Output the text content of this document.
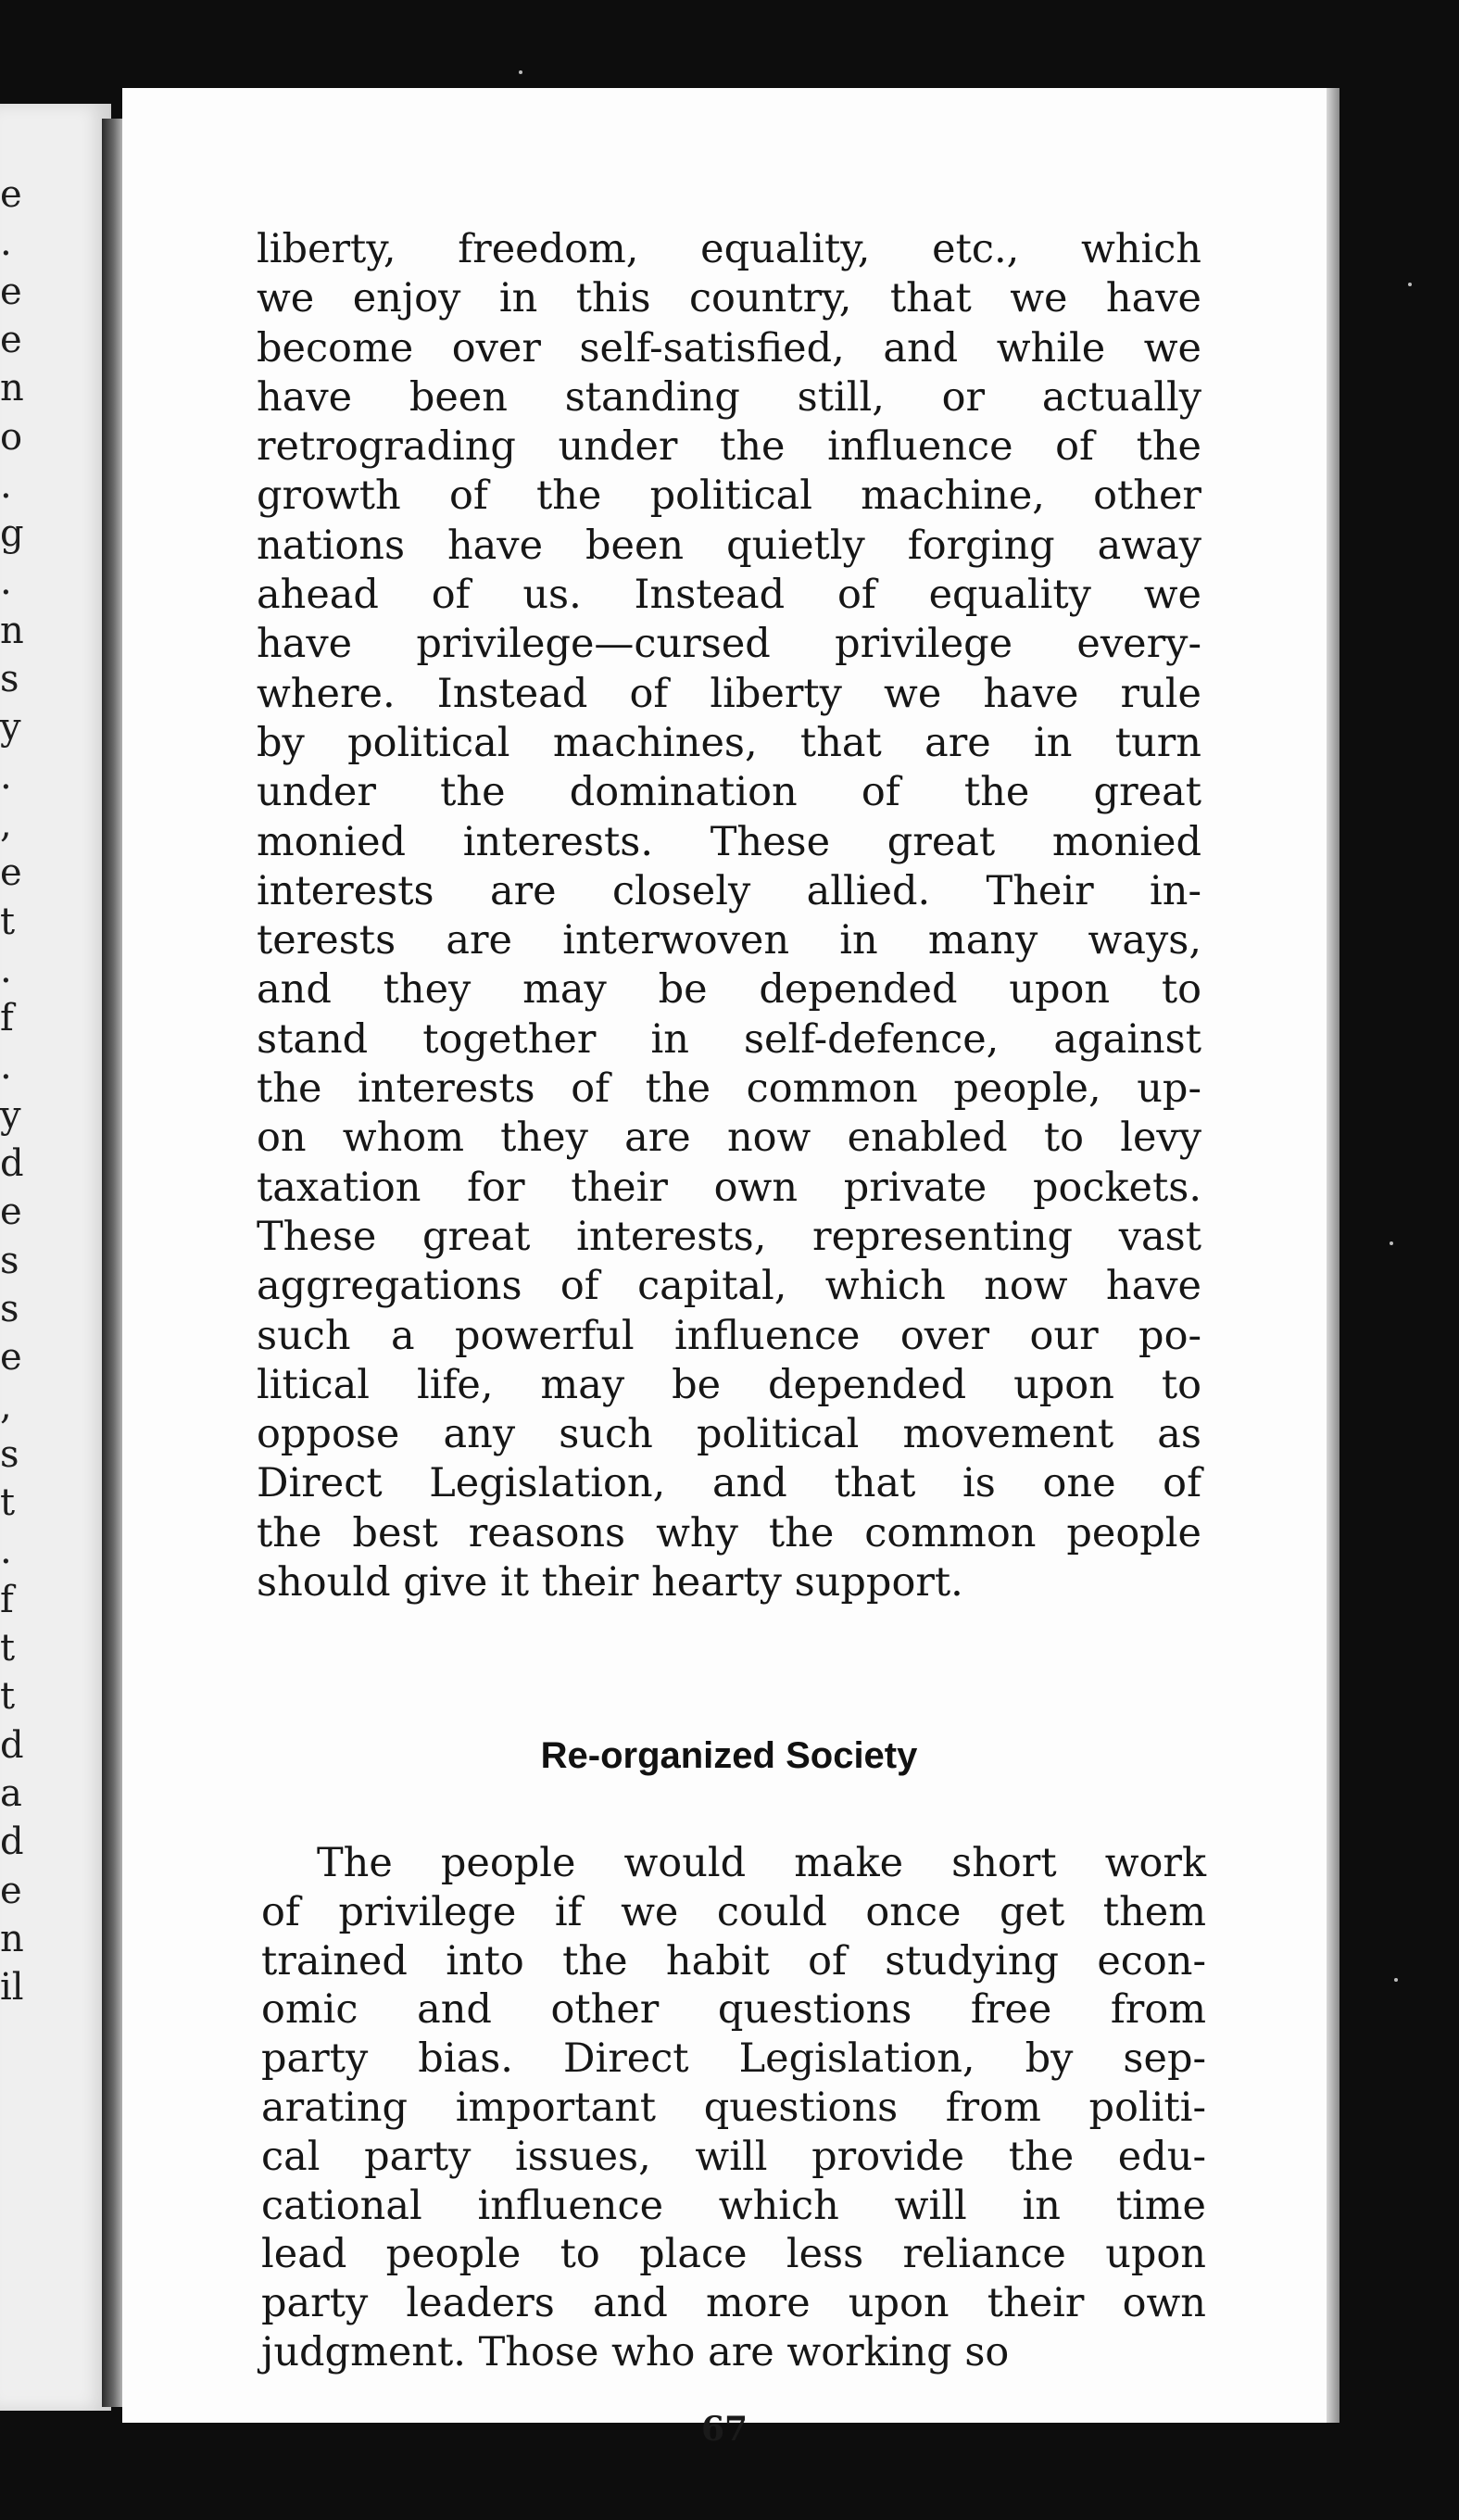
e
.
e
e
n
o
.
g
.
n
s
y
.
,
e
t
.
f
.
y
d
e
s
s
e
,
s
t
.
f
t
t
d
a
d
e
n
il
liberty, freedom, equality, etc., which
we enjoy in this country, that we have
become over self-satisfied, and while we
have been standing still, or actually
retrograding under the influence of the
growth of the political machine, other
nations have been quietly forging away
ahead of us. Instead of equality we
have privilege—cursed privilege every-
where. Instead of liberty we have rule
by political machines, that are in turn
under the domination of the great
monied interests. These great monied
interests are closely allied. Their in-
terests are interwoven in many ways,
and they may be depended upon to
stand together in self-defence, against
the interests of the common people, up-
on whom they are now enabled to levy
taxation for their own private pockets.
These great interests, representing vast
aggregations of capital, which now have
such a powerful influence over our po-
litical life, may be depended upon to
oppose any such political movement as
Direct Legislation, and that is one of
the best reasons why the common people
should give it their hearty support.
Re-organized Society
The people would make short work
of privilege if we could once get them
trained into the habit of studying econ-
omic and other questions free from
party bias. Direct Legislation, by sep-
arating important questions from politi-
cal party issues, will provide the edu-
cational influence which will in time
lead people to place less reliance upon
party leaders and more upon their own
judgment. Those who are working so
67
